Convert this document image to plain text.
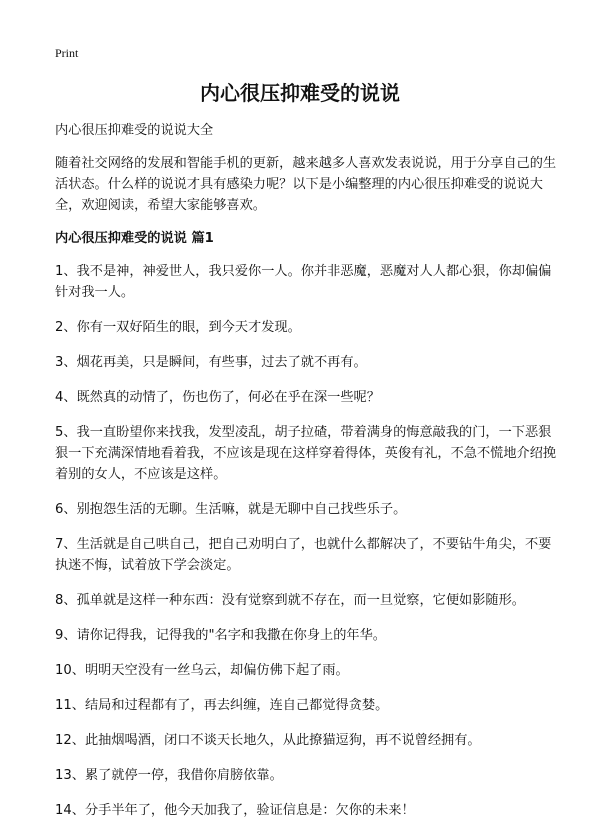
Print
内心很压抑难受的说说

内心很压抑难受的说说大全

随着社交网络的发展和智能手机的更新，越来越多人喜欢发表说说，用于分享自己的生活状态。什么样的说说才具有感染力呢？以下是小编整理的内心很压抑难受的说说大全，欢迎阅读，希望大家能够喜欢。

内心很压抑难受的说说 篇1

1、我不是神，神爱世人，我只爱你一人。你并非恶魔，恶魔对人人都心狠，你却偏偏针对我一人。

2、你有一双好陌生的眼，到今天才发现。

3、烟花再美，只是瞬间，有些事，过去了就不再有。

4、既然真的动情了，伤也伤了，何必在乎在深一些呢？

5、我一直盼望你来找我，发型凌乱，胡子拉碴，带着满身的悔意敲我的门，一下恶狠狠一下充满深情地看着我，不应该是现在这样穿着得体，英俊有礼，不急不慌地介绍挽着别的女人，不应该是这样。

6、别抱怨生活的无聊。生活嘛，就是无聊中自己找些乐子。

7、生活就是自己哄自己，把自己劝明白了，也就什么都解决了，不要钻牛角尖，不要执迷不悔，试着放下学会淡定。

8、孤单就是这样一种东西：没有觉察到就不存在，而一旦觉察，它便如影随形。

9、请你记得我，记得我的"名字和我撒在你身上的年华。

10、明明天空没有一丝乌云，却偏仿佛下起了雨。

11、结局和过程都有了，再去纠缠，连自己都觉得贪婪。

12、此抽烟喝酒，闭口不谈天长地久，从此撩猫逗狗，再不说曾经拥有。

13、累了就停一停，我借你肩膀依靠。

14、分手半年了，他今天加我了，验证信息是：欠你的未来！
